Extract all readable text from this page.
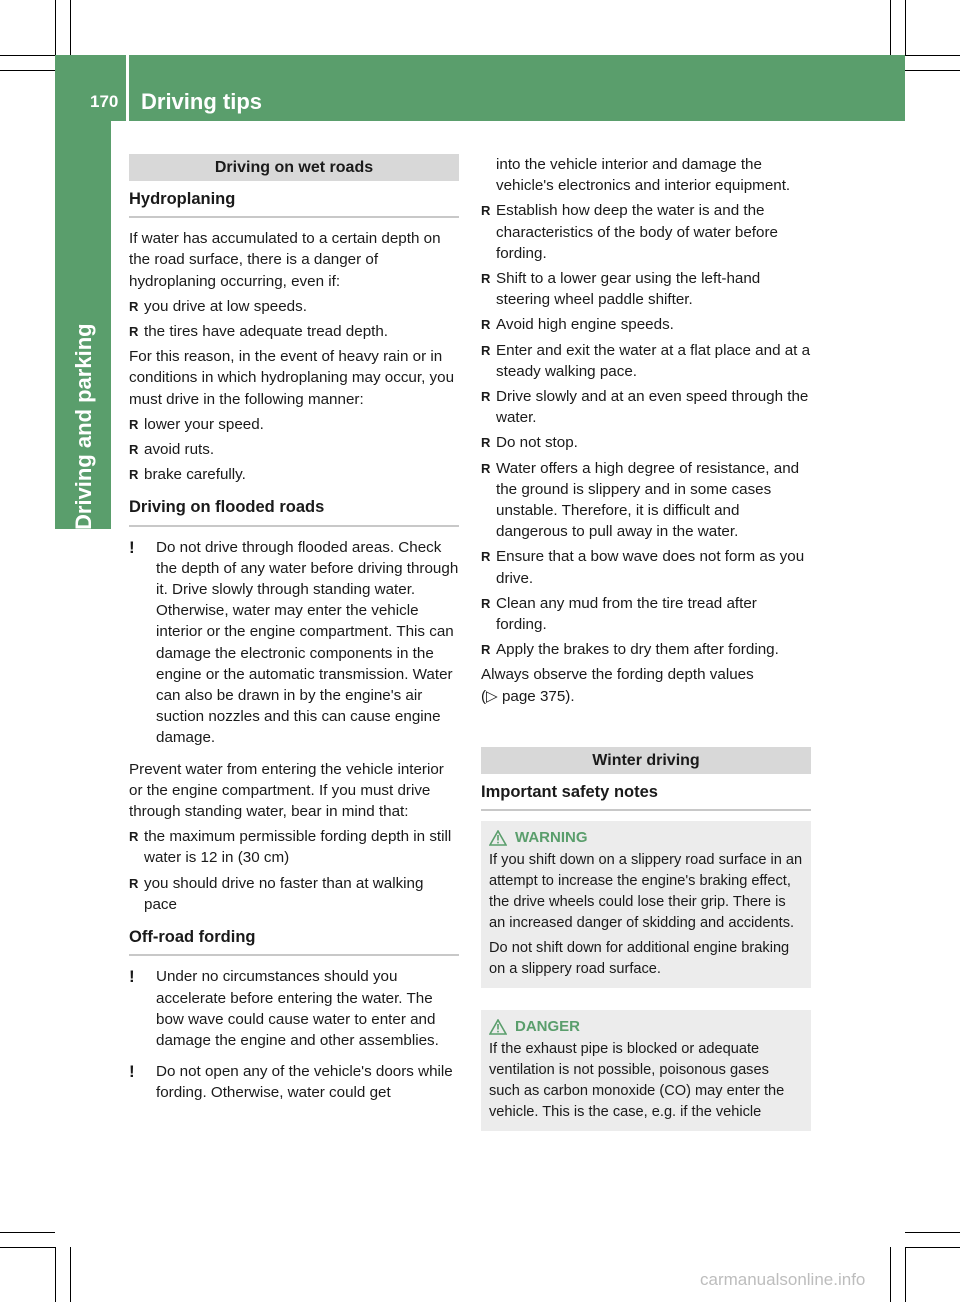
170 Driving tips
Driving and parking
Driving on wet roads
Hydroplaning

If water has accumulated to a certain depth on the road surface, there is a danger of hydroplaning occurring, even if:

R you drive at low speeds.
R the tires have adequate tread depth.

For this reason, in the event of heavy rain or in conditions in which hydroplaning may occur, you must drive in the following manner:

R lower your speed.
R avoid ruts.
R brake carefully.
Driving on flooded roads
! Do not drive through flooded areas. Check the depth of any water before driving through it. Drive slowly through standing water. Otherwise, water may enter the vehicle interior or the engine compartment. This can damage the electronic components in the engine or the automatic transmission. Water can also be drawn in by the engine's air suction nozzles and this can cause engine damage.

Prevent water from entering the vehicle interior or the engine compartment. If you must drive through standing water, bear in mind that:

R the maximum permissible fording depth in still water is 12 in (30 cm)
R you should drive no faster than at walking pace
Off-road fording
! Under no circumstances should you accelerate before entering the water. The bow wave could cause water to enter and damage the engine and other assemblies.
! Do not open any of the vehicle's doors while fording. Otherwise, water could get

into the vehicle interior and damage the vehicle's electronics and interior equipment.

R Establish how deep the water is and the characteristics of the body of water before fording.
R Shift to a lower gear using the left-hand steering wheel paddle shifter.
R Avoid high engine speeds.
R Enter and exit the water at a flat place and at a steady walking pace.
R Drive slowly and at an even speed through the water.
R Do not stop.
R Water offers a high degree of resistance, and the ground is slippery and in some cases unstable. Therefore, it is difficult and dangerous to pull away in the water.
R Ensure that a bow wave does not form as you drive.
R Clean any mud from the tire tread after fording.
R Apply the brakes to dry them after fording.

Always observe the fording depth values

(▷ page 375).

Winter driving
Important safety notes
WARNING

If you shift down on a slippery road surface in an attempt to increase the engine's braking effect, the drive wheels could lose their grip. There is an increased danger of skidding and accidents.

Do not shift down for additional engine braking on a slippery road surface.

DANGER

If the exhaust pipe is blocked or adequate ventilation is not possible, poisonous gases such as carbon monoxide (CO) may enter the vehicle. This is the case, e.g. if the vehicle

carmanualsonline.info
